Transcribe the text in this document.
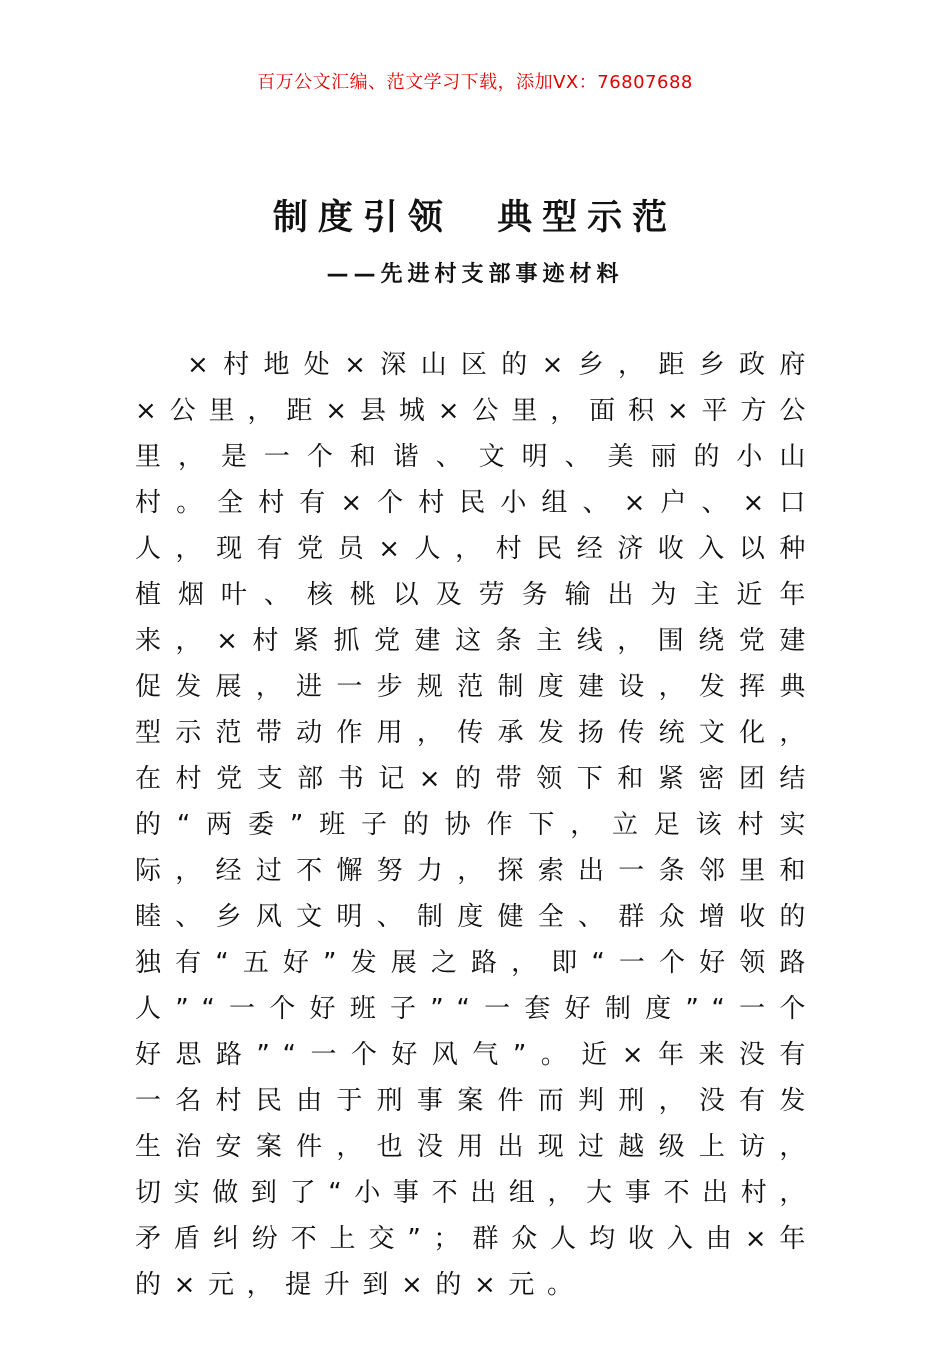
百万公文汇编、范文学习下载，添加VX：76807688
制度引领  典型示范
——先进村支部事迹材料
×村地处×深山区的×乡，距乡政府×公里，距×县城×公里，面积×平方公里，是一个和谐、文明、美丽的小山村。全村有×个村民小组、×户、×口人，现有党员×人，村民经济收入以种植烟叶、核桃以及劳务输出为主近年来，×村紧抓党建这条主线，围绕党建促发展，进一步规范制度建设，发挥典型示范带动作用，传承发扬传统文化，在村党支部书记×的带领下和紧密团结的“两委”班子的协作下，立足该村实际，经过不懈努力，探索出一条邻里和睦、乡风文明、制度健全、群众增收的独有“五好”发展之路，即“一个好领路人”“一个好班子”“一套好制度”“一个好思路”“一个好风气”。近×年来没有一名村民由于刑事案件而判刑，没有发生治安案件，也没用出现过越级上访，切实做到了“小事不出组，大事不出村，矛盾纠纷不上交”；群众人均收入由×年的×元，提升到×的×元。
